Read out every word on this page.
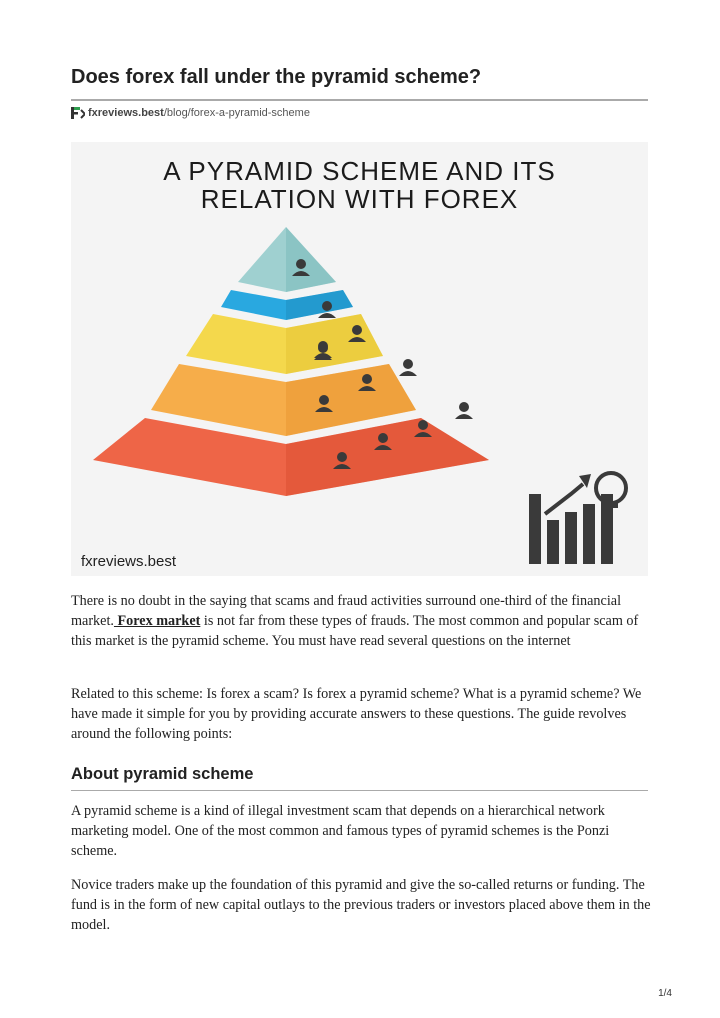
Does forex fall under the pyramid scheme?
fxreviews.best /blog/forex-a-pyramid-scheme
A PYRAMID SCHEME AND ITS
RELATION WITH FOREX
fxreviews.best

There is no doubt in the saying that scams and fraud activities surround one-third of the financial market. Forex market is not far from these types of frauds. The most common and popular scam of this market is the pyramid scheme. You must have read several questions on the internet

Related to this scheme: Is forex a scam? Is forex a pyramid scheme? What is a pyramid scheme? We have made it simple for you by providing accurate answers to these questions. The guide revolves around the following points:

About pyramid scheme

A pyramid scheme is a kind of illegal investment scam that depends on a hierarchical network marketing model. One of the most common and famous types of pyramid schemes is the Ponzi scheme.

Novice traders make up the foundation of this pyramid and give the so-called returns or funding. The fund is in the form of new capital outlays to the previous traders or investors placed above them in the model.

1/4
